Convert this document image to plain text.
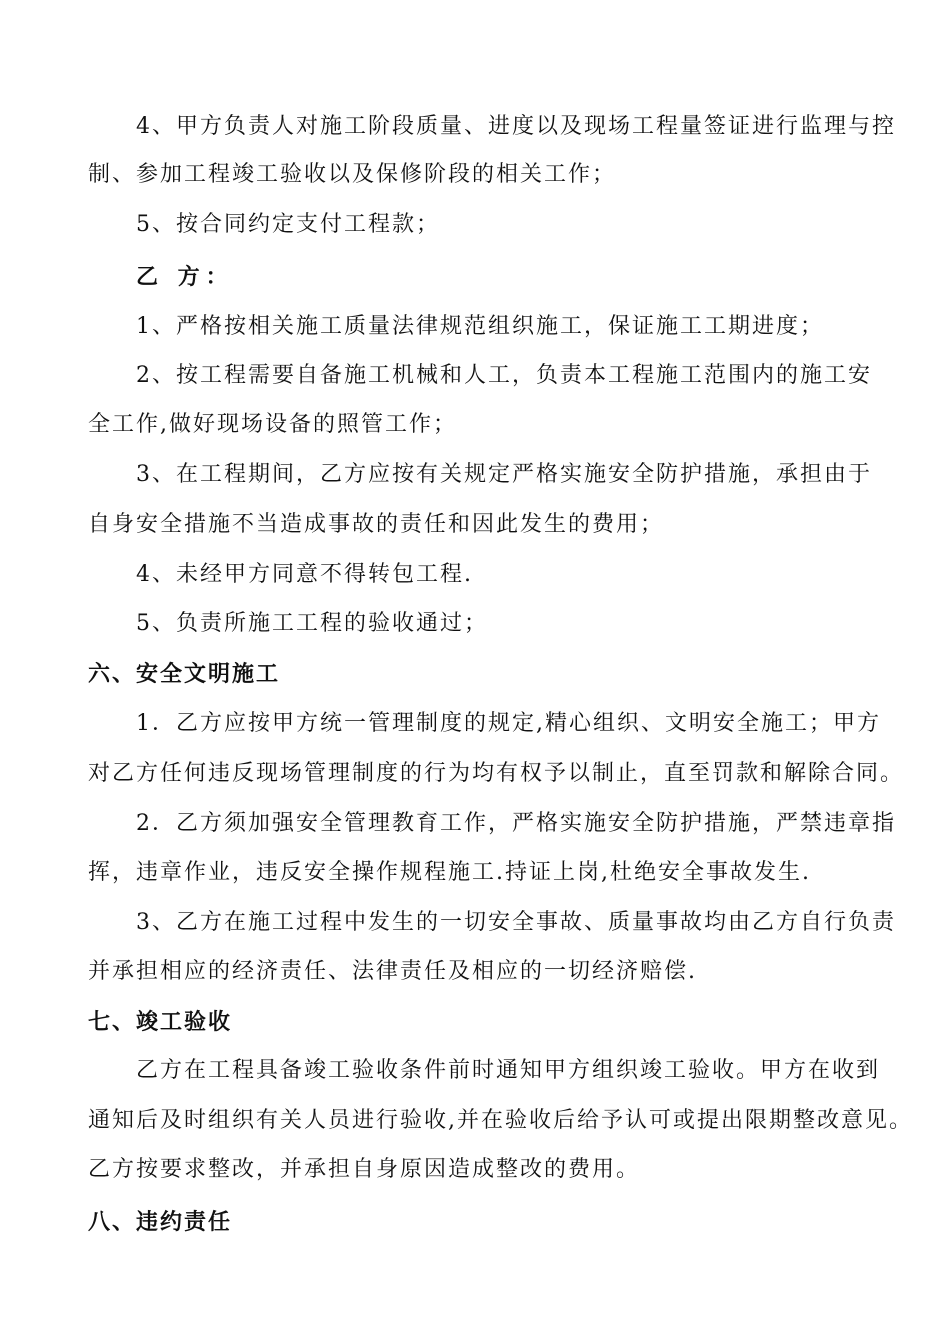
4、甲方负责人对施工阶段质量、进度以及现场工程量签证进行监理与控
制、参加工程竣工验收以及保修阶段的相关工作；
5、按合同约定支付工程款；
乙 方：
1、严格按相关施工质量法律规范组织施工，保证施工工期进度；
2、按工程需要自备施工机械和人工，负责本工程施工范围内的施工安
全工作,做好现场设备的照管工作；
3、在工程期间，乙方应按有关规定严格实施安全防护措施，承担由于
自身安全措施不当造成事故的责任和因此发生的费用；
4、未经甲方同意不得转包工程.
5、负责所施工工程的验收通过；
六、安全文明施工
1．乙方应按甲方统一管理制度的规定,精心组织、文明安全施工；甲方
对乙方任何违反现场管理制度的行为均有权予以制止，直至罚款和解除合同。
2．乙方须加强安全管理教育工作，严格实施安全防护措施，严禁违章指
挥，违章作业，违反安全操作规程施工.持证上岗,杜绝安全事故发生.
3、乙方在施工过程中发生的一切安全事故、质量事故均由乙方自行负责
并承担相应的经济责任、法律责任及相应的一切经济赔偿.
七、竣工验收
乙方在工程具备竣工验收条件前时通知甲方组织竣工验收。甲方在收到
通知后及时组织有关人员进行验收,并在验收后给予认可或提出限期整改意见。
乙方按要求整改，并承担自身原因造成整改的费用。
八、违约责任
